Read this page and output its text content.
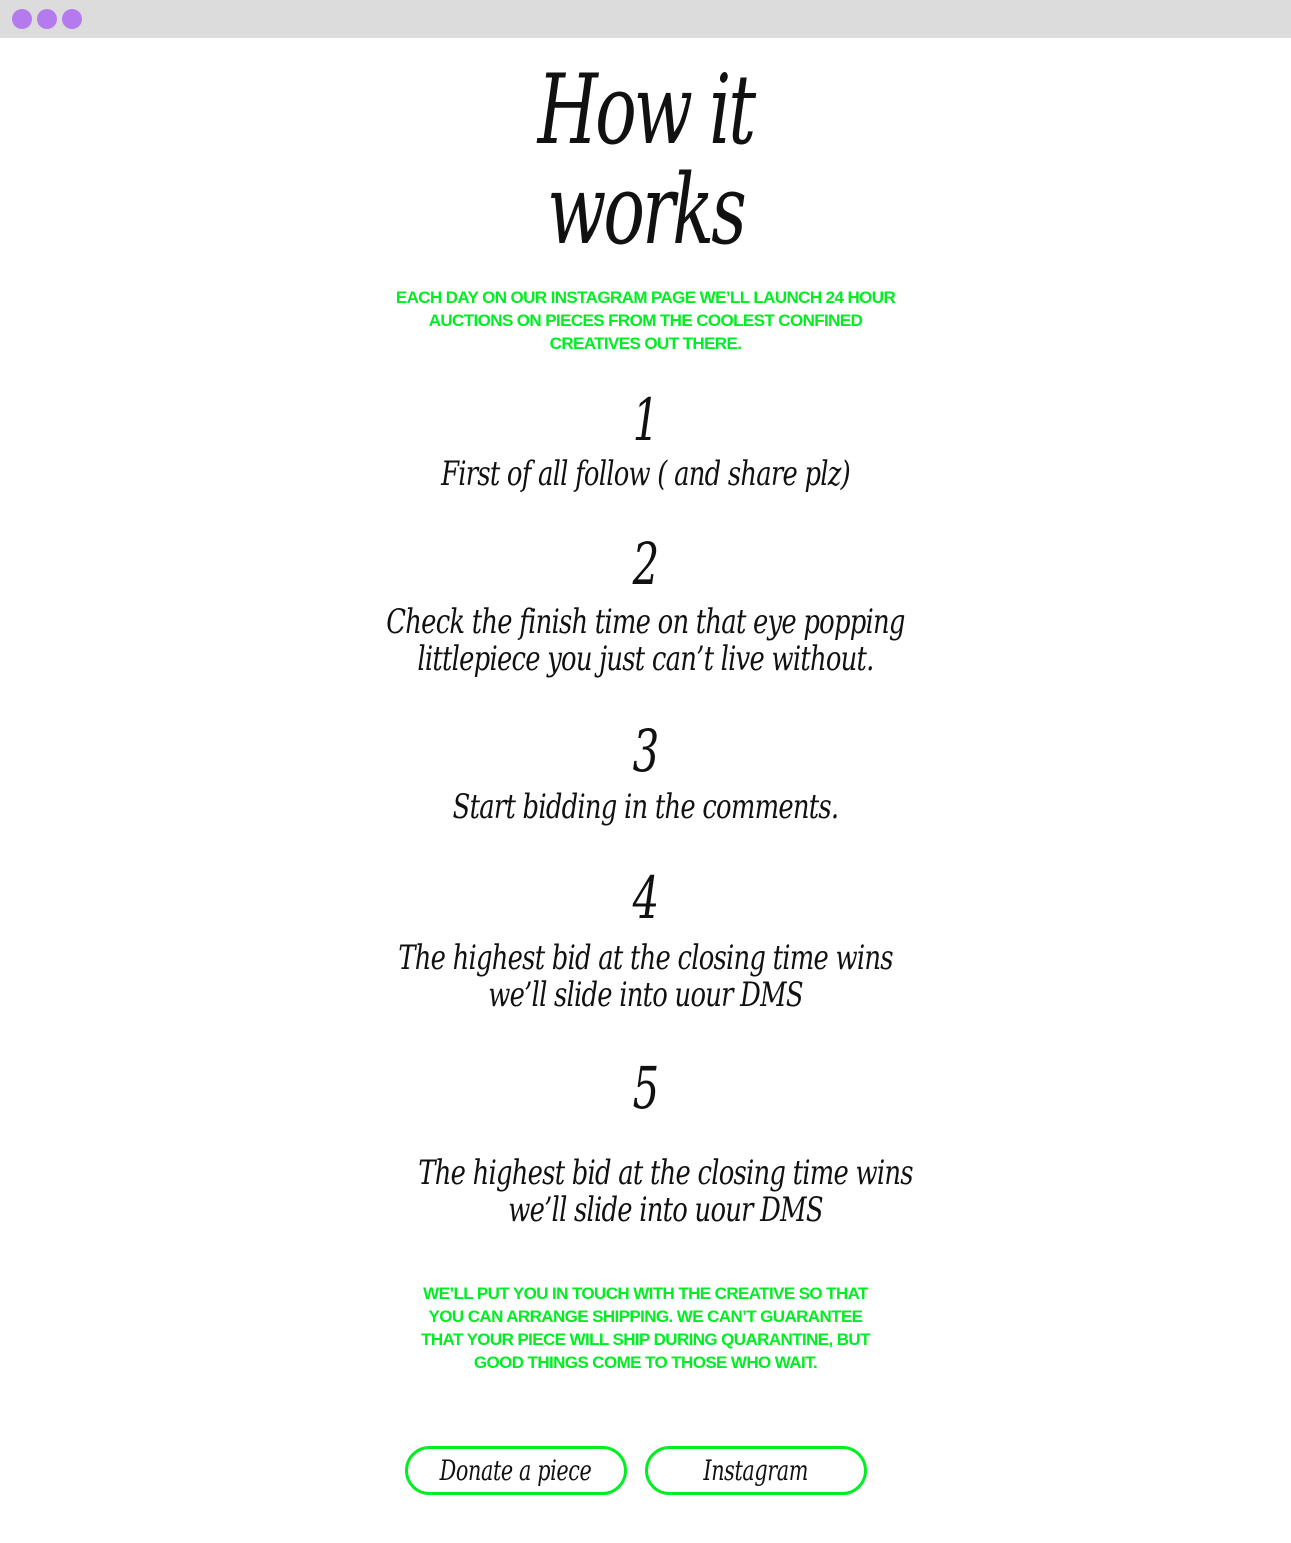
How it
works
EACH DAY ON OUR INSTAGRAM PAGE WE’LL LAUNCH 24 HOUR AUCTIONS ON PIECES FROM THE COOLEST CONFINED CREATIVES OUT THERE.
1
First of all follow ( and share plz)
2
Check the finish time on that eye popping
littlepiece you just can’t live without.
3
Start bidding in the comments.
4
The highest bid at the closing time wins
we’ll slide into uour DMS
5
The highest bid at the closing time wins
we’ll slide into uour DMS
WE’LL PUT YOU IN TOUCH WITH THE CREATIVE SO THAT YOU CAN ARRANGE SHIPPING. WE CAN’T GUARANTEE THAT YOUR PIECE WILL SHIP DURING QUARANTINE, BUT GOOD THINGS COME TO THOSE WHO WAIT.
Donate a piece	Instagram
